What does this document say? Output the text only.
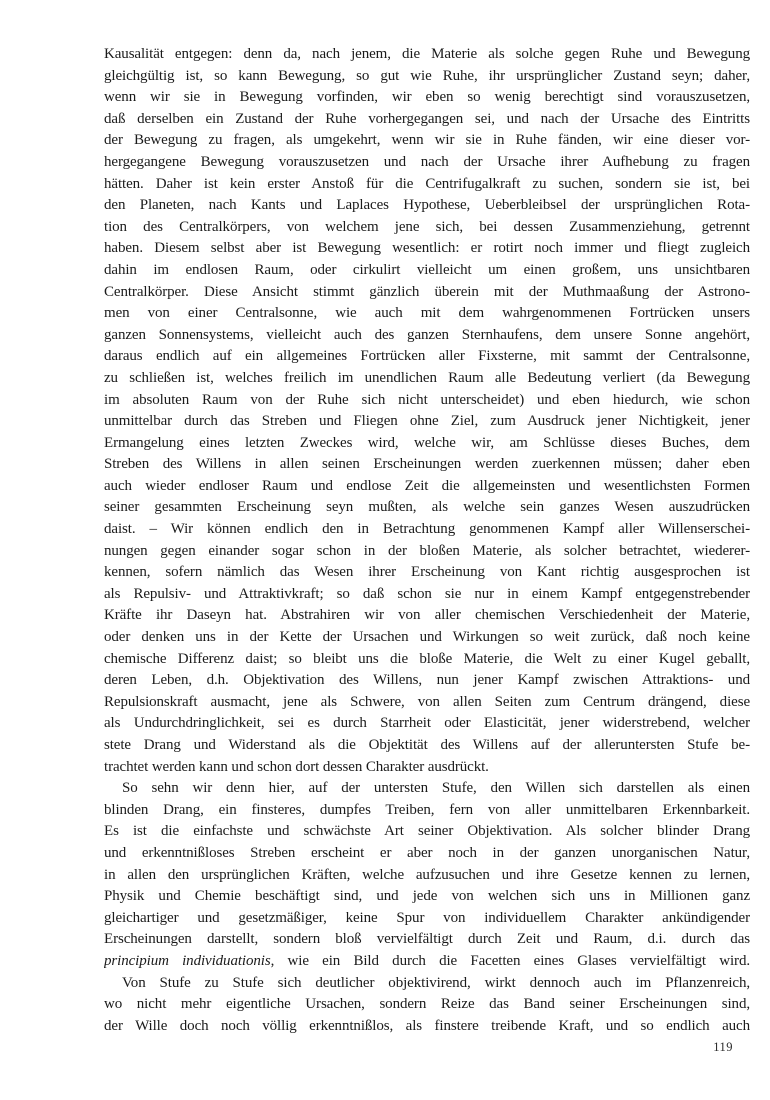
Kausalität entgegen: denn da, nach jenem, die Materie als solche gegen Ruhe und Bewegung
gleichgültig ist, so kann Bewegung, so gut wie Ruhe, ihr ursprünglicher Zustand seyn; daher,
wenn wir sie in Bewegung vorfinden, wir eben so wenig berechtigt sind vorauszusetzen,
daß derselben ein Zustand der Ruhe vorhergegangen sei, und nach der Ursache des Eintritts
der Bewegung zu fragen, als umgekehrt, wenn wir sie in Ruhe fänden, wir eine dieser vor-
hergegangene Bewegung vorauszusetzen und nach der Ursache ihrer Aufhebung zu fragen
hätten. Daher ist kein erster Anstoß für die Centrifugalkraft zu suchen, sondern sie ist, bei
den Planeten, nach Kants und Laplaces Hypothese, Ueberbleibsel der ursprünglichen Rota-
tion des Centralkörpers, von welchem jene sich, bei dessen Zusammenziehung, getrennt
haben. Diesem selbst aber ist Bewegung wesentlich: er rotirt noch immer und fliegt zugleich
dahin im endlosen Raum, oder cirkulirt vielleicht um einen großem, uns unsichtbaren
Centralkörper. Diese Ansicht stimmt gänzlich überein mit der Muthmaaßung der Astrono-
men von einer Centralsonne, wie auch mit dem wahrgenommenen Fortrücken unsers
ganzen Sonnensystems, vielleicht auch des ganzen Sternhaufens, dem unsere Sonne angehört,
daraus endlich auf ein allgemeines Fortrücken aller Fixsterne, mit sammt der Centralsonne,
zu schließen ist, welches freilich im unendlichen Raum alle Bedeutung verliert (da Bewegung
im absoluten Raum von der Ruhe sich nicht unterscheidet) und eben hiedurch, wie schon
unmittelbar durch das Streben und Fliegen ohne Ziel, zum Ausdruck jener Nichtigkeit, jener
Ermangelung eines letzten Zweckes wird, welche wir, am Schlüsse dieses Buches, dem
Streben des Willens in allen seinen Erscheinungen werden zuerkennen müssen; daher eben
auch wieder endloser Raum und endlose Zeit die allgemeinsten und wesentlichsten Formen
seiner gesammten Erscheinung seyn mußten, als welche sein ganzes Wesen auszudrücken
daist. – Wir können endlich den in Betrachtung genommenen Kampf aller Willenserschei-
nungen gegen einander sogar schon in der bloßen Materie, als solcher betrachtet, wiederer-
kennen, sofern nämlich das Wesen ihrer Erscheinung von Kant richtig ausgesprochen ist
als Repulsiv- und Attraktivkraft; so daß schon sie nur in einem Kampf entgegenstrebender
Kräfte ihr Daseyn hat. Abstrahiren wir von aller chemischen Verschiedenheit der Materie,
oder denken uns in der Kette der Ursachen und Wirkungen so weit zurück, daß noch keine
chemische Differenz daist; so bleibt uns die bloße Materie, die Welt zu einer Kugel geballt,
deren Leben, d.h. Objektivation des Willens, nun jener Kampf zwischen Attraktions- und
Repulsionskraft ausmacht, jene als Schwere, von allen Seiten zum Centrum drängend, diese
als Undurchdringlichkeit, sei es durch Starrheit oder Elasticität, jener widerstrebend, welcher
stete Drang und Widerstand als die Objektität des Willens auf der alleruntersten Stufe be-
trachtet werden kann und schon dort dessen Charakter ausdrückt.
So sehn wir denn hier, auf der untersten Stufe, den Willen sich darstellen als einen
blinden Drang, ein finsteres, dumpfes Treiben, fern von aller unmittelbaren Erkennbarkeit.
Es ist die einfachste und schwächste Art seiner Objektivation. Als solcher blinder Drang
und erkenntnißloses Streben erscheint er aber noch in der ganzen unorganischen Natur,
in allen den ursprünglichen Kräften, welche aufzusuchen und ihre Gesetze kennen zu lernen,
Physik und Chemie beschäftigt sind, und jede von welchen sich uns in Millionen ganz
gleichartiger und gesetzmäßiger, keine Spur von individuellem Charakter ankündigender
Erscheinungen darstellt, sondern bloß vervielfältigt durch Zeit und Raum, d.i. durch das
principium individuationis, wie ein Bild durch die Facetten eines Glases vervielfältigt wird.
Von Stufe zu Stufe sich deutlicher objektivirend, wirkt dennoch auch im Pflanzenreich,
wo nicht mehr eigentliche Ursachen, sondern Reize das Band seiner Erscheinungen sind,
der Wille doch noch völlig erkenntnißlos, als finstere treibende Kraft, und so endlich auch
119
